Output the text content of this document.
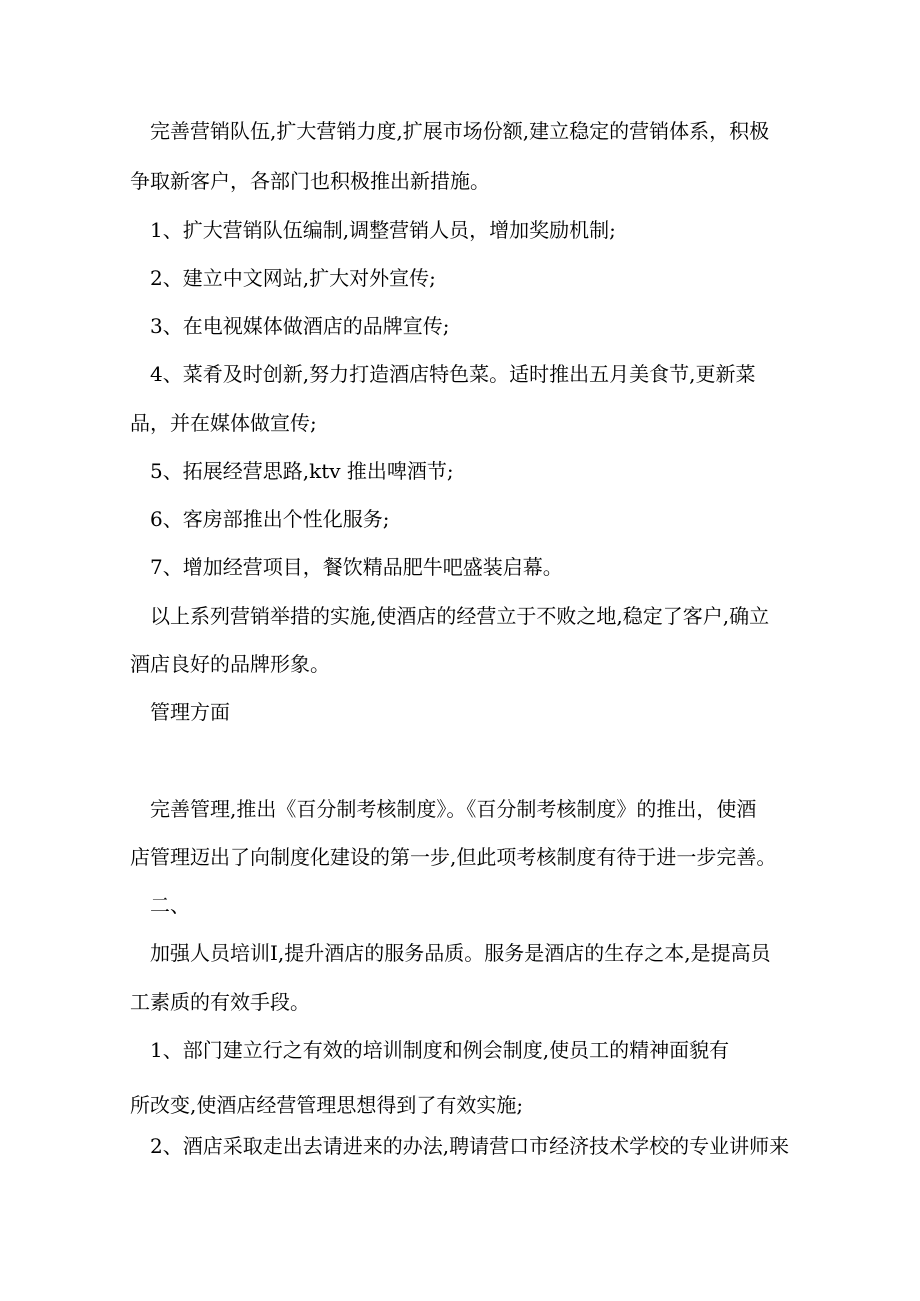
完善营销队伍,扩大营销力度,扩展市场份额,建立稳定的营销体系，积极

争取新客户，各部门也积极推出新措施。

1、扩大营销队伍编制,调整营销人员，增加奖励机制;

2、建立中文网站,扩大对外宣传;

3、在电视媒体做酒店的品牌宣传;

4、菜肴及时创新,努力打造酒店特色菜。适时推出五月美食节,更新菜

品，并在媒体做宣传;

5、拓展经营思路,ktv 推出啤酒节;

6、客房部推出个性化服务;

7、增加经营项目，餐饮精品肥牛吧盛装启幕。

以上系列营销举措的实施,使酒店的经营立于不败之地,稳定了客户,确立

酒店良好的品牌形象。

管理方面

完善管理,推出《百分制考核制度》。《百分制考核制度》的推出，使酒

店管理迈出了向制度化建设的第一步,但此项考核制度有待于进一步完善。

二、

加强人员培训I,提升酒店的服务品质。服务是酒店的生存之本,是提高员

工素质的有效手段。

1、部门建立行之有效的培训制度和例会制度,使员工的精神面貌有

所改变,使酒店经营管理思想得到了有效实施;

2、酒店采取走出去请进来的办法,聘请营口市经济技术学校的专业讲师来
